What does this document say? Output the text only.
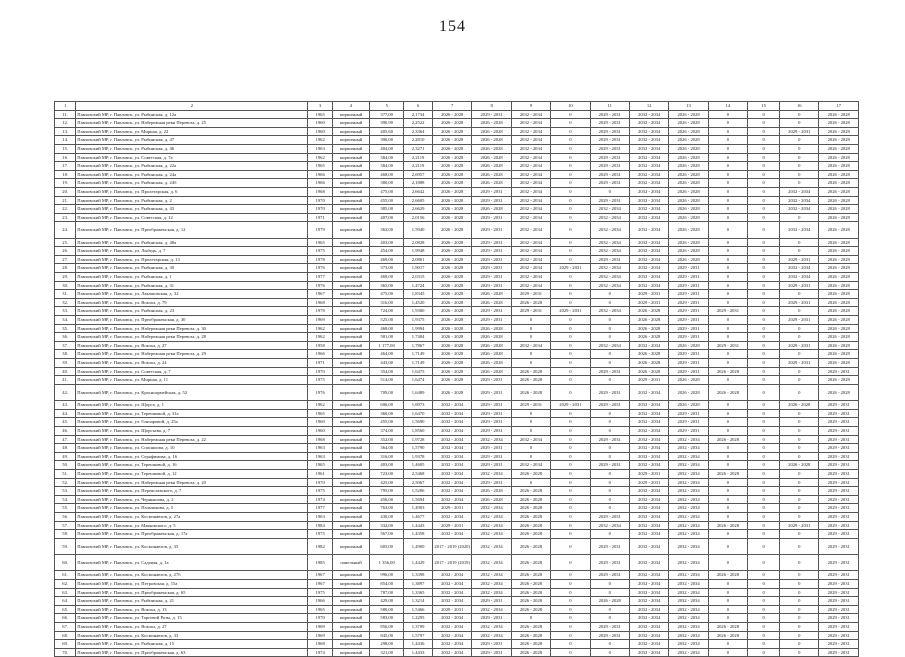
154
1	2	3	4	5	6	7	8	9	10	11	12	13	14	15	16	17
11.	Павловский МР, г. Павловск, ул. Рыбинская, д. 12а	1965	кирпичный	377,00	2,1734	2026 - 2028	2029 - 2031	2032 - 2034	0	2029 - 2031	2032 - 2034	2026 - 2028	0	0	0	2026 - 2028
12.	Павловский МР, г. Павловск, ул. Набережная реки Перевоза, д. 25	1960	кирпичный	390,90	2,2522	2026 - 2028	2026 - 2028	2032 - 2034	0	2029 - 2031	2032 - 2034	2026 - 2028	0	0	0	2026 - 2028
13.	Павловский МР, г. Павловск, ул. Мирная, д. 22	1960	кирпичный	405,60	2,3364	2026 - 2028	2026 - 2028	2032 - 2034	0	2029 - 2031	2032 - 2034	2026 - 2028	0	0	2029 - 2031	2026 - 2028
14.	Павловский МР, г. Павловск, ул. Рыбинская, д. 47	1962	кирпичный	396,00	2,2810	2026 - 2028	2026 - 2028	2032 - 2034	0	2029 - 2031	2032 - 2034	2026 - 2028	0	0	0	2026 - 2028
15.	Павловский МР, г. Павловск, ул. Рыбинская, д. 46	1963	кирпичный	404,00	2,3271	2026 - 2028	2026 - 2028	2032 - 2034	0	2029 - 2031	2032 - 2034	2026 - 2028	0	0	0	2026 - 2028
16.	Павловский МР, г. Павловск, ул. Советская, д. 7а	1962	кирпичный	384,00	2,2119	2026 - 2028	2026 - 2028	2032 - 2034	0	2029 - 2031	2032 - 2034	2026 - 2028	0	0	0	2026 - 2028
17.	Павловский МР, г. Павловск, ул. Рыбинская, д. 22а	1965	кирпичный	384,00	2,2119	2026 - 2028	2026 - 2028	2032 - 2034	0	2029 - 2031	2032 - 2034	2026 - 2028	0	0	0	2026 - 2028
18.	Павловский МР, г. Павловск, ул. Рыбинская, д. 24а	1966	кирпичный	468,00	2,6957	2026 - 2028	2026 - 2028	2032 - 2034	0	2029 - 2031	2032 - 2034	2026 - 2028	0	0	0	2026 - 2028
19.	Павловский МР, г. Павловск, ул. Рыбинская, д. 24б	1966	кирпичный	380,00	2,1888	2026 - 2028	2026 - 2028	2032 - 2034	0	2029 - 2031	2032 - 2034	2026 - 2028	0	0	0	2026 - 2028
20.	Павловский МР, г. Павловск, ул. Пролетарская, д. 6	1968	кирпичный	475,00	2,6642	2026 - 2028	2029 - 2031	2032 - 2034	0	0	2032 - 2034	2026 - 2028	0	0	2032 - 2034	2026 - 2028
21.	Павловский МР, г. Павловск, ул. Рыбинская, д. 2	1970	кирпичный	455,00	2,6605	2026 - 2028	2029 - 2031	2032 - 2034	0	2029 - 2031	2032 - 2034	2026 - 2028	0	0	2032 - 2034	2026 - 2028
22.	Павловский МР, г. Павловск, ул. Рыбинская, д. 43	1970	кирпичный	385,00	2,6629	2026 - 2028	2026 - 2028	2032 - 2034	0	2032 - 2034	2032 - 2034	2026 - 2028	0	0	2032 - 2034	2026 - 2028
23.	Павловский МР, г. Павловск, ул. Советская, д. 12	1971	кирпичный	407,00	2,0156	2026 - 2028	2029 - 2031	2032 - 2034	0	2032 - 2034	2032 - 2034	2026 - 2028	0	0	0	2026 - 2028
24.	Павловский МР, г. Павловск, ул. Преображенская, д. 12	1979	кирпичный	363,00	1,5940	2026 - 2028	2029 - 2031	2032 - 2034	0	2032 - 2034	2032 - 2034	2026 - 2028	0	0	2032 - 2034	2026 - 2028
25.	Павловский МР, г. Павловск, ул. Рыбинская, д. 48а	1965	кирпичный	403,00	2,0828	2026 - 2028	2029 - 2031	2032 - 2034	0	2032 - 2034	2032 - 2034	2026 - 2028	0	0	0	2026 - 2028
26.	Павловский МР, г. Павловск, ул. Лыбедь, д. 7	1975	кирпичный	454,00	1,9948	2026 - 2028	2029 - 2031	2032 - 2034	0	2032 - 2034	2032 - 2034	2026 - 2028	0	0	0	2026 - 2028
27.	Павловский МР, г. Павловск, ул. Пролетарская, д. 13	1978	кирпичный	469,00	2,0801	2026 - 2028	2029 - 2031	2032 - 2034	0	2029 - 2031	2032 - 2034	2026 - 2028	0	0	2029 - 2031	2026 - 2028
28.	Павловский МР, г. Павловск, ул. Рыбинская, д. 30	1976	кирпичный	373,00	1,9017	2026 - 2028	2029 - 2031	2032 - 2034	2029 - 2031	2032 - 2034	2032 - 2034	2029 - 2031	0	0	2032 - 2034	2026 - 2028
29.	Павловский МР, г. Павловск, ул. Рыбинская, д. 1	1977	кирпичный	469,00	2,0315	2026 - 2028	2029 - 2031	2032 - 2034	0	2032 - 2034	2032 - 2034	2029 - 2031	0	0	2032 - 2034	2026 - 2028
30.	Павловский МР, г. Павловск, ул. Рыбинская, д. 31	1976	кирпичный	365,00	1,4724	2026 - 2028	2029 - 2031	2032 - 2034	0	2032 - 2034	2032 - 2034	2029 - 2031	0	0	2029 - 2031	2026 - 2028
31.	Павловский МР, г. Павловск, ул. Лакашовская, д. 32	1967	кирпичный	475,00	1,8345	2026 - 2028	2026 - 2028	2029 - 2031	0	0	2029 - 2031	2029 - 2031	0	0	0	2026 - 2028
32.	Павловский МР, г. Павловск, ул. Вокзал, д. 79	1968	кирпичный	316,00	1,4520	2026 - 2028	2026 - 2028	2026 - 2028	0	0	2029 - 2031	2029 - 2031	0	0	2029 - 2031	2026 - 2028
33.	Павловский МР, г. Павловск, ул. Рыбинская, д. 23	1978	кирпичный	724,00	1,9300	2026 - 2028	2029 - 2031	2029 - 2031	2029 - 2031	2032 - 2034	2026 - 2028	2029 - 2031	2029 - 2031	0	0	2026 - 2028
34.	Павловский МР, г. Павловск, ул. Преображенская, д. 30	1969	кирпичный	525,00	1,9375	2026 - 2028	2029 - 2031	0	0	0	2026 - 2028	2029 - 2031	0	0	2029 - 2031	2026 - 2028
35.	Павловский МР, г. Павловск, ул. Набережная реки Перевоза, д. 30	1962	кирпичный	468,00	1,9994	2026 - 2028	2026 - 2028	0	0	0	2026 - 2028	2029 - 2031	0	0	0	2026 - 2028
36.	Павловский МР, г. Павловск, ул. Набережная реки Перевоза, д. 28	1962	кирпичный	581,00	1,7404	2026 - 2028	2026 - 2028	0	0	0	2026 - 2028	2029 - 2031	0	0	0	2026 - 2028
37.	Павловский МР, г. Павловск, ул. Вокзал, д. 27	1958	кирпичный	1 177,00	1,7867	2026 - 2028	2026 - 2028	2032 - 2034	0	2032 - 2034	2032 - 2034	2026 - 2028	2029 - 2031	0	2029 - 2031	2026 - 2028
38.	Павловский МР, г. Павловск, ул. Набережная реки Перевоза, д. 29	1966	кирпичный	464,00	1,7149	2026 - 2028	2026 - 2028	0	0	0	2026 - 2028	2029 - 2031	0	0	0	2026 - 2028
39.	Павловский МР, г. Павловск, ул. Вокзал, д. 24	1971	кирпичный	443,00	1,7149	2026 - 2028	2026 - 2028	0	0	0	2026 - 2028	2029 - 2031	0	0	2029 - 2031	2026 - 2028
40.	Павловский МР, г. Павловск, ул. Советская, д. 7	1970	кирпичный	354,00	1,6475	2026 - 2028	2026 - 2028	2026 - 2028	0	2029 - 2031	2026 - 2028	2029 - 2031	2026 - 2028	0	0	2029 - 2031
41.	Павловский МР, г. Павловск, ул. Мирная, д. 11	1975	кирпичный	514,00	1,6474	2026 - 2028	2029 - 2031	2026 - 2028	0	0	2029 - 2031	2026 - 2028	0	0	0	2026 - 2028
42.	Павловский МР, г. Павловск, ул. Красноармейская, д. 52	1976	кирпичный	709,00	1,6489	2026 - 2028	2029 - 2031	2026 - 2028	0	2029 - 2031	2032 - 2034	2026 - 2028	2026 - 2028	0	0	2026 - 2028
43.	Павловский МР, г. Павловск, ул. Щорса, д. 1	1962	кирпичный	606,00	1,6973	2032 - 2034	2029 - 2031	2029 - 2031	2029 - 2031	2029 - 2031	2032 - 2034	2026 - 2028	0	0	2026 - 2028	2029 - 2031
44.	Павловский МР, г. Павловск, ул. Терешковой, д. 31а	1965	кирпичный	360,00	1,6470	2032 - 2034	2029 - 2031	0	0	0	2032 - 2034	2029 - 2031	0	0	0	2029 - 2031
45.	Павловский МР, г. Павловск, ул. Гончаровой, д. 25а	1960	кирпичный	455,00	1,5690	2032 - 2034	2029 - 2031	0	0	0	2032 - 2034	2029 - 2031	0	0	0	2029 - 2031
46.	Павловский МР, г. Павловск, ул. Щорсьева, д. 7	1960	кирпичный	374,00	1,8560	2032 - 2034	2029 - 2031	0	0	0	2032 - 2034	2029 - 2031	0	0	0	2029 - 2031
47.	Павловский МР, г. Павловск, ул. Набережная реки Перевоза, д. 22	1968	кирпичный	352,00	1,9728	2032 - 2034	2032 - 2034	2032 - 2034	0	2029 - 2031	2032 - 2034	2032 - 2034	2026 - 2028	0	0	2029 - 2031
48.	Павловский МР, г. Павловск, ул. Спасяшова, д. 10	1963	кирпичный	364,00	1,5790	2032 - 2034	2029 - 2031	0	0	0	2032 - 2034	2032 - 2034	0	0	0	2029 - 2031
49.	Павловский МР, г. Павловск, ул. Серафимова, д. 16	1963	кирпичный	316,00	1,9378	2032 - 2034	2029 - 2031	0	0	0	2032 - 2034	2032 - 2034	0	0	0	2029 - 2031
50.	Павловский МР, г. Павловск, ул. Терешковой, д. 16	1965	кирпичный	403,00	1,4605	2032 - 2034	2029 - 2031	2032 - 2034	0	2029 - 2031	2032 - 2034	2032 - 2034	0	0	2026 - 2028	2029 - 2031
51.	Павловский МР, г. Павловск, ул. Терешковой, д. 12	1961	кирпичный	723,00	2,5468	2032 - 2034	2032 - 2034	2026 - 2028	0	0	2029 - 2031	2032 - 2034	2026 - 2028	0	0	2029 - 2031
52.	Павловский МР, г. Павловск, ул. Набережная реки Перевоза, д. 20	1970	кирпичный	425,00	2,5067	2032 - 2034	2029 - 2031	0	0	0	2029 - 2031	2032 - 2034	0	0	0	2029 - 2031
53.	Павловский МР, г. Павловск, ул. Переяславского, д. 7	1975	кирпичный	795,00	1,5206	2032 - 2034	2026 - 2028	2026 - 2028	0	0	2032 - 2034	2032 - 2034	0	0	0	2029 - 2031
54.	Павловский МР, г. Павловск, ул. Чернышова, д. 2	1974	кирпичный	456,00	1,5694	2032 - 2034	2026 - 2028	2026 - 2028	0	0	2032 - 2034	2032 - 2034	0	0	0	2029 - 2031
55.	Павловский МР, г. Павловск, ул. Пальчикова, д. 5	1977	кирпичный	763,00	1,4903	2029 - 2031	2032 - 2034	2026 - 2028	0	0	2032 - 2034	2032 - 2034	0	0	0	2029 - 2031
56.	Павловский МР, г. Павловск, ул. Космонавтов, д. 27а	1963	кирпичный	430,00	1,4677	2032 - 2034	2032 - 2034	2026 - 2028	0	2029 - 2031	2032 - 2034	2032 - 2034	0	0	0	2029 - 2031
57.	Павловский МР, г. Павловск, ул. Маяковского, д. 5	1984	кирпичный	332,00	1,4443	2029 - 2031	2032 - 2034	2026 - 2028	0	2032 - 2034	2032 - 2034	2032 - 2034	2026 - 2028	0	2029 - 2031	2029 - 2031
58.	Павловский МР, г. Павловск, ул. Преображенская, д. 17а	1975	кирпичный	567,00	1,4358	2032 - 2034	2032 - 2034	2026 - 2028	0	0	2032 - 2034	2032 - 2034	0	0	0	2029 - 2031
59.	Павловский МР, г. Павловск, ул. Космонавтов, д. 35	1982	кирпичный	605,00	1,4900	2017 - 2019 (2020)	2032 - 2034	2026 - 2028	0	2029 - 2031	2032 - 2034	2032 - 2034	0	0	0	2029 - 2031
60.	Павловский МР, г. Павловск, ул. Садовая, д. 1а	1985	панельный	1 356,00	1,4429	2017 - 2019 (2019)	2032 - 2034	2026 - 2028	0	2029 - 2031	2032 - 2034	2032 - 2034	0	0	0	2029 - 2031
61.	Павловский МР, г. Павловск, ул. Космонавтов, д. 27б	1967	кирпичный	996,00	1,3398	2032 - 2034	2032 - 2034	2026 - 2028	0	2029 - 2031	2032 - 2034	2032 - 2034	2026 - 2028	0	0	2029 - 2031
62.	Павловский МР, г. Павловск, ул. Петровская, д. 15а	1967	кирпичный	854,00	1,3897	2032 - 2034	2032 - 2034	2026 - 2028	0	0	2032 - 2034	2032 - 2034	0	0	0	2029 - 2031
63.	Павловский МР, г. Павловск, ул. Преображенская, д. 65	1975	кирпичный	787,00	1,3365	2032 - 2034	2032 - 2034	2026 - 2028	0	0	2032 - 2034	2032 - 2034	0	0	0	2029 - 2031
64.	Павловский МР, г. Павловск, ул. Рыбинская, д. 21	1966	кирпичный	429,00	1,3214	2032 - 2034	2029 - 2031	2026 - 2028	0	2026 - 2028	2032 - 2034	2032 - 2034	0	0	0	2029 - 2031
65.	Павловский МР, г. Павловск, ул. Вокзал, д. 13	1965	кирпичный	580,00	1,5466	2029 - 2031	2032 - 2034	2026 - 2028	0	0	2032 - 2034	2032 - 2034	0	0	0	2029 - 2031
66.	Павловский МР, г. Павловск, ул. Торговой Розы, д. 15	1970	кирпичный	583,00	1,2295	2032 - 2034	2029 - 2031	0	0	0	2032 - 2034	2032 - 2034	0	0	0	2029 - 2031
67.	Павловский МР, г. Павловск, ул. Вокзал, д. 27	1969	кирпичный	856,00	1,3709	2032 - 2034	2032 - 2034	2026 - 2028	0	2029 - 2031	2032 - 2034	2032 - 2034	2026 - 2028	0	0	2029 - 2031
68.	Павловский МР, г. Павловск, ул. Космонавтов, д. 33	1969	кирпичный	845,00	1,5797	2032 - 2034	2032 - 2034	2026 - 2028	0	2029 - 2031	2032 - 2034	2032 - 2034	2026 - 2028	0	0	2029 - 2031
69.	Павловский МР, г. Павловск, ул. Рыбинская, д. 15	1968	кирпичный	298,00	1,4436	2032 - 2034	2029 - 2031	2026 - 2028	0	0	2032 - 2034	2032 - 2034	0	0	0	2029 - 2031
70.	Павловский МР, г. Павловск, ул. Преображенская, д. 63	1974	кирпичный	321,00	1,4433	2032 - 2034	2029 - 2031	2026 - 2028	0	0	2032 - 2034	2032 - 2034	0	0	0	2029 - 2031
